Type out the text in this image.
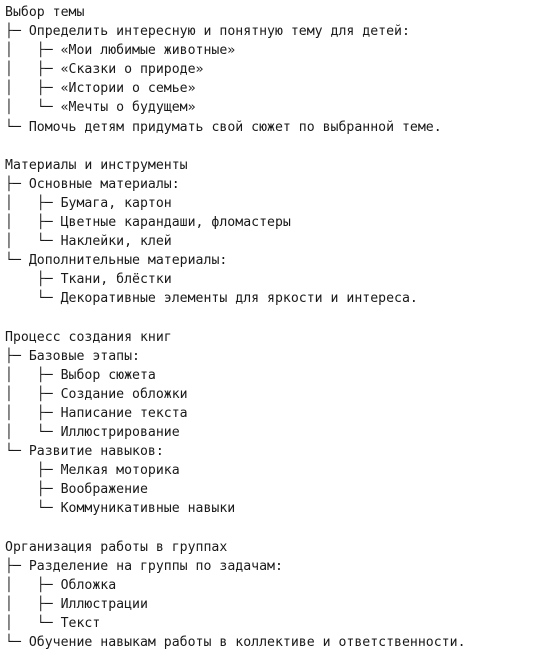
Выбор темы
├─ Определить интересную и понятную тему для детей:
│   ├─ «Мои любимые животные»
│   ├─ «Сказки о природе»
│   ├─ «Истории о семье»
│   └─ «Мечты о будущем»
└─ Помочь детям придумать свой сюжет по выбранной теме.
Материалы и инструменты
├─ Основные материалы:
│   ├─ Бумага, картон
│   ├─ Цветные карандаши, фломастеры
│   └─ Наклейки, клей
└─ Дополнительные материалы:
├─ Ткани, блёстки
└─ Декоративные элементы для яркости и интереса.
Процесс создания книг
├─ Базовые этапы:
│   ├─ Выбор сюжета
│   ├─ Создание обложки
│   ├─ Написание текста
│   └─ Иллюстрирование
└─ Развитие навыков:
├─ Мелкая моторика
├─ Воображение
└─ Коммуникативные навыки
Организация работы в группах
├─ Разделение на группы по задачам:
│   ├─ Обложка
│   ├─ Иллюстрации
│   └─ Текст
└─ Обучение навыкам работы в коллективе и ответственности.
